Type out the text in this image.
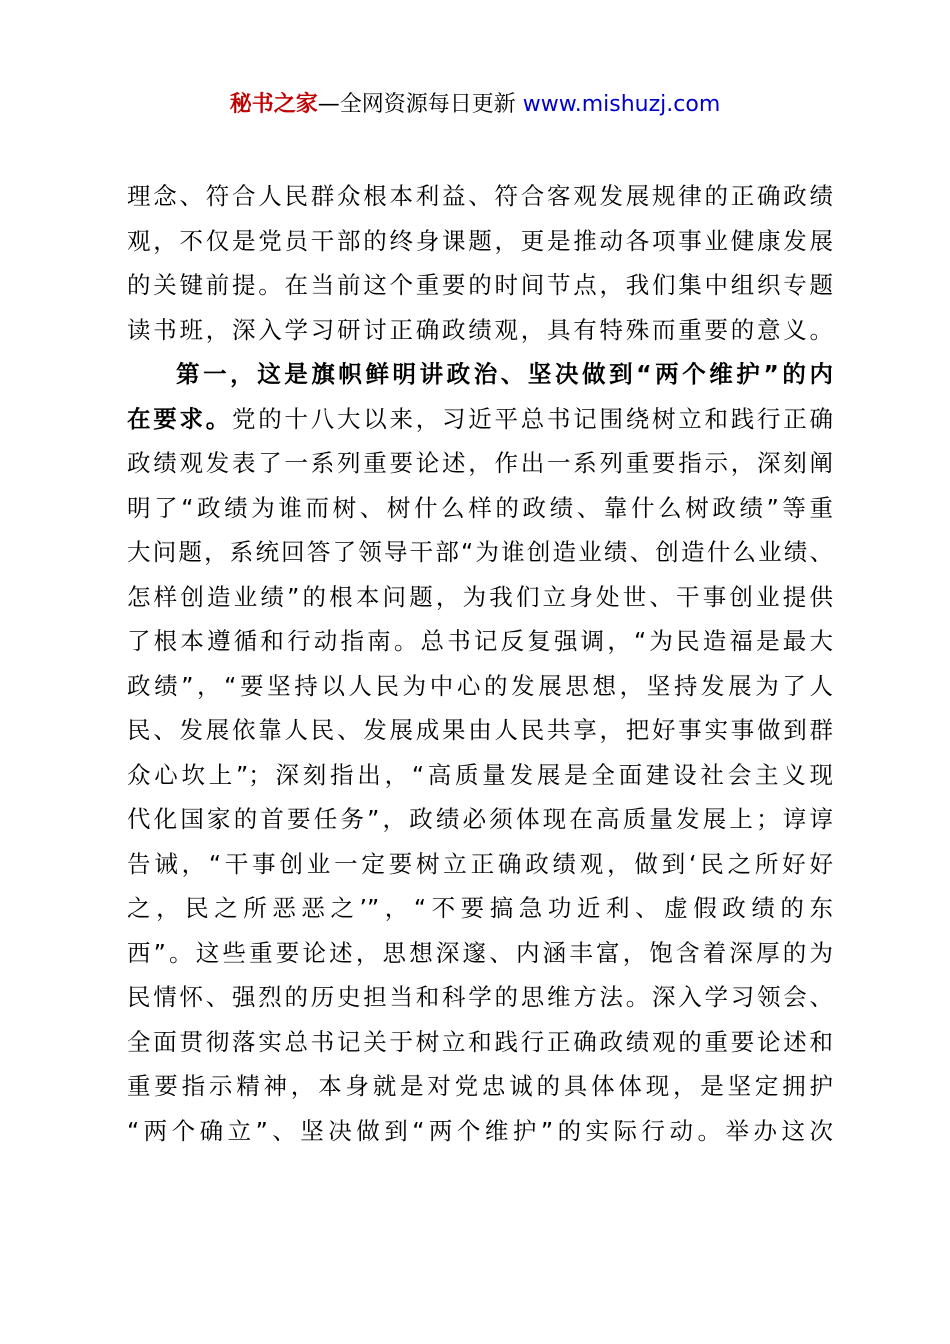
秘书之家—全网资源每日更新 www.mishuzj.com
理念、符合人民群众根本利益、符合客观发展规律的正确政绩
观，不仅是党员干部的终身课题，更是推动各项事业健康发展
的关键前提。在当前这个重要的时间节点，我们集中组织专题
读书班，深入学习研讨正确政绩观，具有特殊而重要的意义。
第一，这是旗帜鲜明讲政治、坚决做到“两个维护”的内
在要求。党的十八大以来，习近平总书记围绕树立和践行正确
政绩观发表了一系列重要论述，作出一系列重要指示，深刻阐
明了“政绩为谁而树、树什么样的政绩、靠什么树政绩”等重
大问题，系统回答了领导干部“为谁创造业绩、创造什么业绩、
怎样创造业绩”的根本问题，为我们立身处世、干事创业提供
了根本遵循和行动指南。总书记反复强调，“为民造福是最大
政绩”，“要坚持以人民为中心的发展思想，坚持发展为了人
民、发展依靠人民、发展成果由人民共享，把好事实事做到群
众心坎上”；深刻指出，“高质量发展是全面建设社会主义现
代化国家的首要任务”，政绩必须体现在高质量发展上；谆谆
告诫，“干事创业一定要树立正确政绩观，做到‘民之所好好
之，民之所恶恶之’”，“不要搞急功近利、虚假政绩的东
西”。这些重要论述，思想深邃、内涵丰富，饱含着深厚的为
民情怀、强烈的历史担当和科学的思维方法。深入学习领会、
全面贯彻落实总书记关于树立和践行正确政绩观的重要论述和
重要指示精神，本身就是对党忠诚的具体体现，是坚定拥护
“两个确立”、坚决做到“两个维护”的实际行动。举办这次
